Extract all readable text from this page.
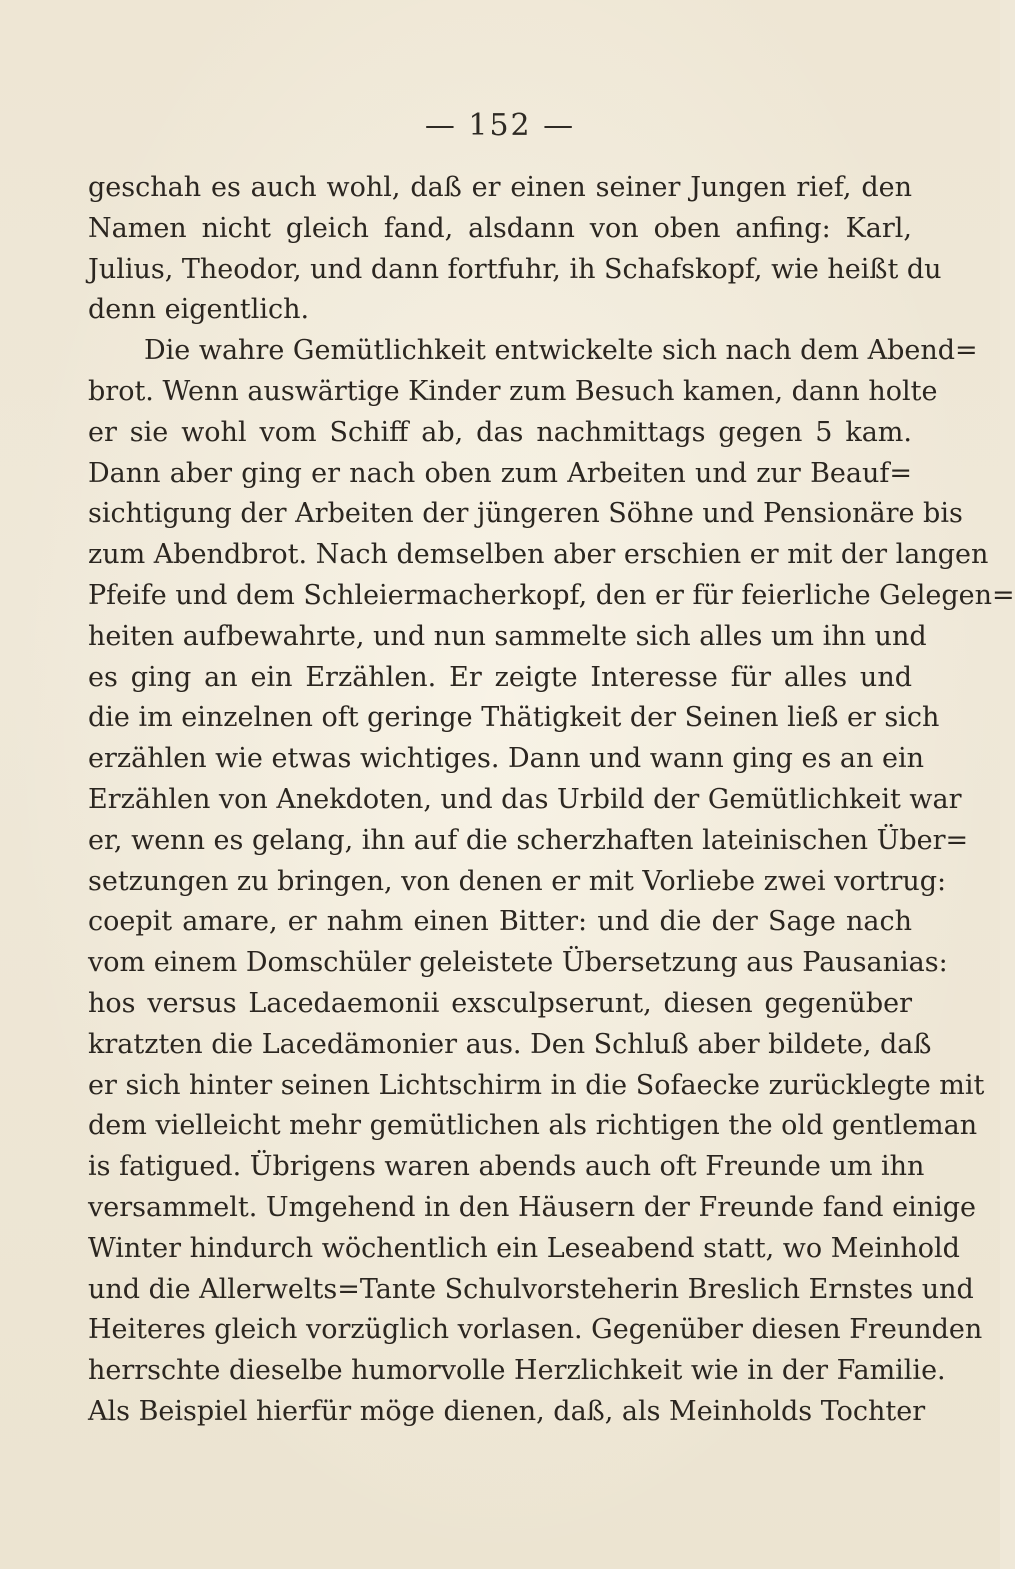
— 152 —
geschah es auch wohl, daß er einen seiner Jungen rief, den
Namen nicht gleich fand, alsdann von oben anfing: Karl,
Julius, Theodor, und dann fortfuhr, ih Schafskopf, wie heißt du
denn eigentlich.
Die wahre Gemütlichkeit entwickelte sich nach dem Abend=
brot. Wenn auswärtige Kinder zum Besuch kamen, dann holte
er sie wohl vom Schiff ab, das nachmittags gegen 5 kam.
Dann aber ging er nach oben zum Arbeiten und zur Beauf=
sichtigung der Arbeiten der jüngeren Söhne und Pensionäre bis
zum Abendbrot. Nach demselben aber erschien er mit der langen
Pfeife und dem Schleiermacherkopf, den er für feierliche Gelegen=
heiten aufbewahrte, und nun sammelte sich alles um ihn und
es ging an ein Erzählen. Er zeigte Interesse für alles und
die im einzelnen oft geringe Thätigkeit der Seinen ließ er sich
erzählen wie etwas wichtiges. Dann und wann ging es an ein
Erzählen von Anekdoten, und das Urbild der Gemütlichkeit war
er, wenn es gelang, ihn auf die scherzhaften lateinischen Über=
setzungen zu bringen, von denen er mit Vorliebe zwei vortrug:
coepit amare, er nahm einen Bitter: und die der Sage nach
vom einem Domschüler geleistete Übersetzung aus Pausanias:
hos versus Lacedaemonii exsculpserunt, diesen gegenüber
kratzten die Lacedämonier aus. Den Schluß aber bildete, daß
er sich hinter seinen Lichtschirm in die Sofaecke zurücklegte mit
dem vielleicht mehr gemütlichen als richtigen the old gentleman
is fatigued. Übrigens waren abends auch oft Freunde um ihn
versammelt. Umgehend in den Häusern der Freunde fand einige
Winter hindurch wöchentlich ein Leseabend statt, wo Meinhold
und die Allerwelts=Tante Schulvorsteherin Breslich Ernstes und
Heiteres gleich vorzüglich vorlasen. Gegenüber diesen Freunden
herrschte dieselbe humorvolle Herzlichkeit wie in der Familie.
Als Beispiel hierfür möge dienen, daß, als Meinholds Tochter
